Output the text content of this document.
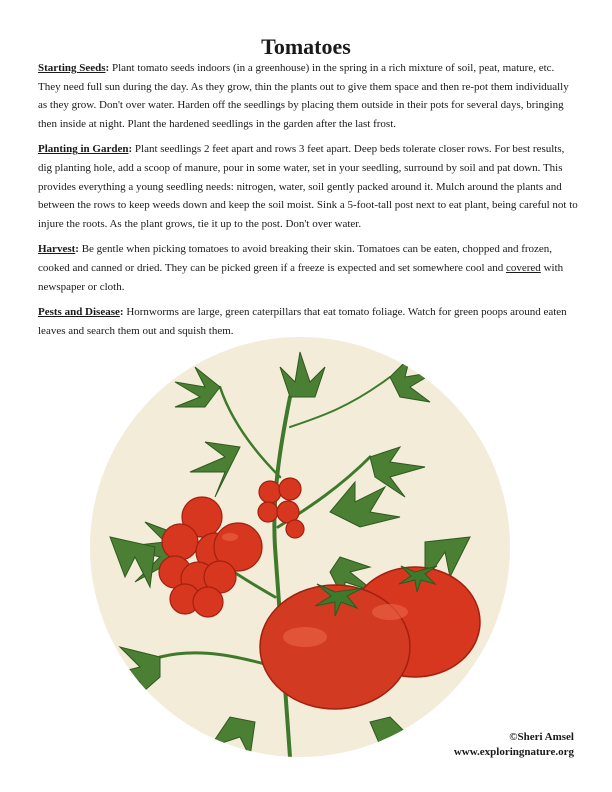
Tomatoes

Starting Seeds: Plant tomato seeds indoors (in a greenhouse) in the spring in a rich mixture of soil, peat, mature, etc. They need full sun during the day. As they grow, thin the plants out to give them space and then re-pot them individually as they grow. Don't over water. Harden off the seedlings by placing them outside in their pots for several days, bringing then inside at night. Plant the hardened seedlings in the garden after the last frost.

Planting in Garden: Plant seedlings 2 feet apart and rows 3 feet apart. Deep beds tolerate closer rows. For best results, dig planting hole, add a scoop of manure, pour in some water, set in your seedling, surround by soil and pat down. This provides everything a young seedling needs: nitrogen, water, soil gently packed around it. Mulch around the plants and between the rows to keep weeds down and keep the soil moist. Sink a 5-foot-tall post next to eat plant, being careful not to injure the roots. As the plant grows, tie it up to the post. Don't over water.

Harvest: Be gentle when picking tomatoes to avoid breaking their skin. Tomatoes can be eaten, chopped and frozen, cooked and canned or dried. They can be picked green if a freeze is expected and set somewhere cool and covered with newspaper or cloth.

Pests and Disease: Hornworms are large, green caterpillars that eat tomato foliage. Watch for green poops around eaten leaves and search them out and squish them.

©Sheri Amsel
www.exploringnature.org
